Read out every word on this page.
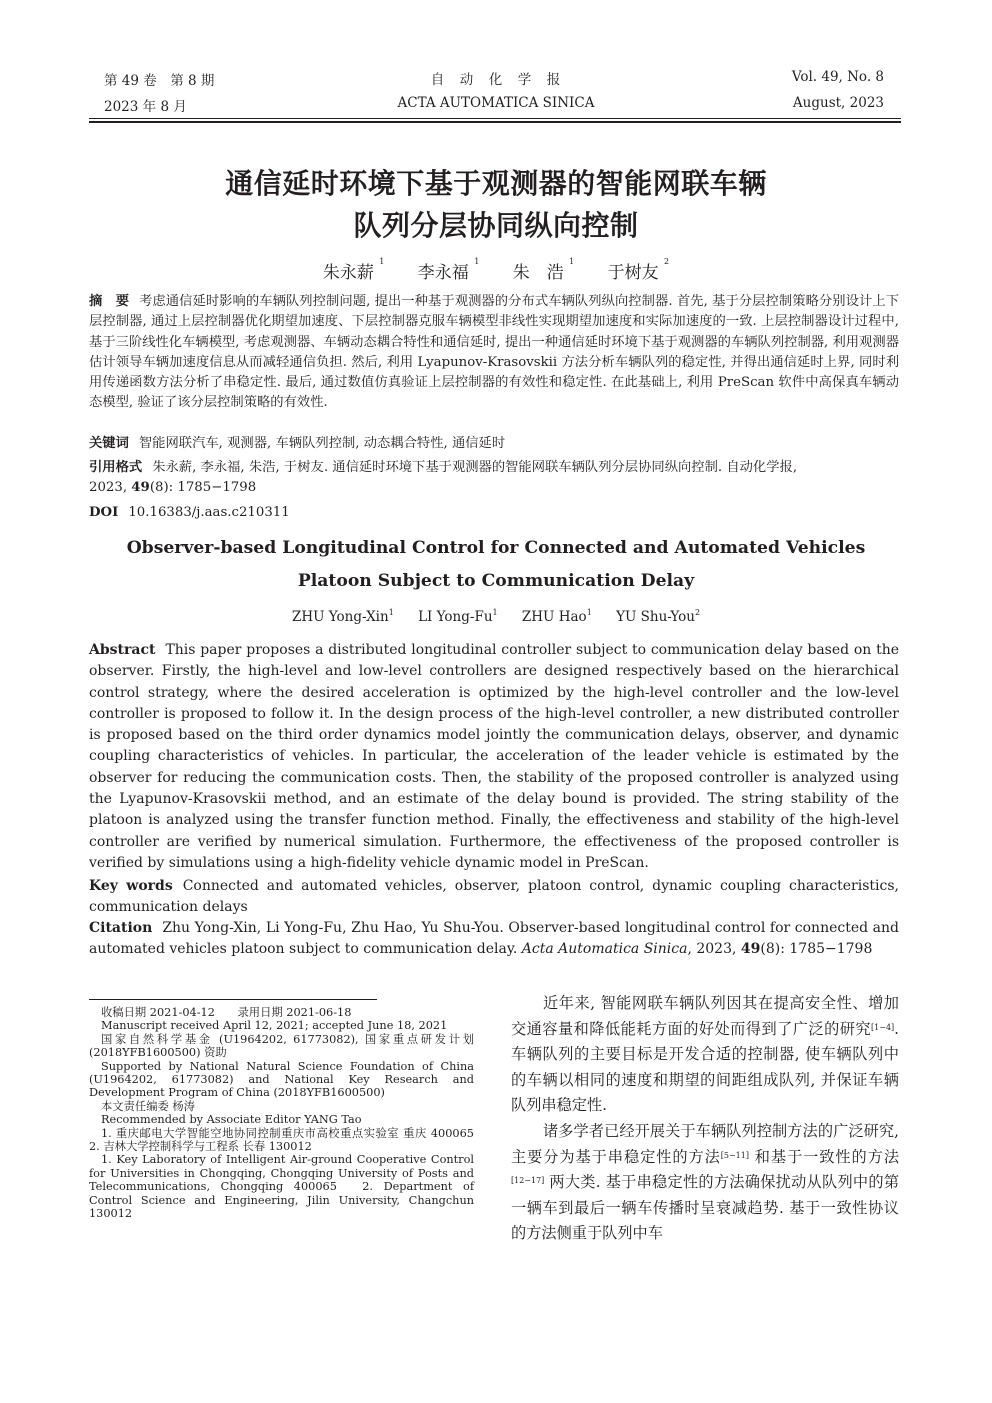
第 49 卷　第 8 期
2023 年 8 月
自　动　化　学　报
ACTA AUTOMATICA SINICA
Vol. 49, No. 8
August, 2023
通信延时环境下基于观测器的智能网联车辆
队列分层协同纵向控制
朱永薪 $^1$ 李永福 $^1$ 朱　浩 $^1$ 于树友 $^2$
摘　要 考虑通信延时影响的车辆队列控制问题, 提出一种基于观测器的分布式车辆队列纵向控制器. 首先, 基于分层控制策略分别设计上下层控制器, 通过上层控制器优化期望加速度、下层控制器克服车辆模型非线性实现期望加速度和实际加速度的一致. 上层控制器设计过程中, 基于三阶线性化车辆模型, 考虑观测器、车辆动态耦合特性和通信延时, 提出一种通信延时环境下基于观测器的车辆队列控制器, 利用观测器估计领导车辆加速度信息从而减轻通信负担. 然后, 利用 Lyapunov-Krasovskii 方法分析车辆队列的稳定性, 并得出通信延时上界, 同时利用传递函数方法分析了串稳定性. 最后, 通过数值仿真验证上层控制器的有效性和稳定性. 在此基础上, 利用 PreScan 软件中高保真车辆动态模型, 验证了该分层控制策略的有效性.
关键词 智能网联汽车, 观测器, 车辆队列控制, 动态耦合特性, 通信延时
引用格式 朱永薪, 李永福, 朱浩, 于树友. 通信延时环境下基于观测器的智能网联车辆队列分层协同纵向控制. 自动化学报,
2023, 49(8): 1785−1798
DOI 10.16383/j.aas.c210311
Observer-based Longitudinal Control for Connected and Automated Vehicles
Platoon Subject to Communication Delay
ZHU Yong-Xin$^1$ LI Yong-Fu$^1$ ZHU Hao$^1$ YU Shu-You$^2$
Abstract This paper proposes a distributed longitudinal controller subject to communication delay based on the observer. Firstly, the high-level and low-level controllers are designed respectively based on the hierarchical control strategy, where the desired acceleration is optimized by the high-level controller and the low-level controller is proposed to follow it. In the design process of the high-level controller, a new distributed controller is proposed based on the third order dynamics model jointly the communication delays, observer, and dynamic coupling characteristics of vehicles. In particular, the acceleration of the leader vehicle is estimated by the observer for reducing the communication costs. Then, the stability of the proposed controller is analyzed using the Lyapunov-Krasovskii method, and an estimate of the delay bound is provided. The string stability of the platoon is analyzed using the transfer function method. Finally, the effectiveness and stability of the high-level controller are verified by numerical simulation. Furthermore, the effectiveness of the proposed controller is verified by simulations using a high-fidelity vehicle dynamic model in PreScan.
Key words Connected and automated vehicles, observer, platoon control, dynamic coupling characteristics, communication delays
Citation Zhu Yong-Xin, Li Yong-Fu, Zhu Hao, Yu Shu-You. Observer-based longitudinal control for connected and automated vehicles platoon subject to communication delay. Acta Automatica Sinica, 2023, 49(8): 1785−1798
收稿日期 2021-04-12　　录用日期 2021-06-18
Manuscript received April 12, 2021; accepted June 18, 2021
国家自然科学基金 (U1964202, 61773082), 国家重点研发计划 (2018YFB1600500) 资助
Supported by National Natural Science Foundation of China (U1964202, 61773082) and National Key Research and Development Program of China (2018YFB1600500)
本文责任编委 杨涛
Recommended by Associate Editor YANG Tao
1. 重庆邮电大学智能空地协同控制重庆市高校重点实验室 重庆 400065　2. 吉林大学控制科学与工程系 长春 130012
1. Key Laboratory of Intelligent Air-ground Cooperative Control for Universities in Chongqing, Chongqing University of Posts and Telecommunications, Chongqing 400065　2. Department of Control Science and Engineering, Jilin University, Changchun 130012

近年来, 智能网联车辆队列因其在提高安全性、增加交通容量和降低能耗方面的好处而得到了广泛的研究[1−4]. 车辆队列的主要目标是开发合适的控制器, 使车辆队列中的车辆以相同的速度和期望的间距组成队列, 并保证车辆队列串稳定性.

诸多学者已经开展关于车辆队列控制方法的广泛研究, 主要分为基于串稳定性的方法[5−11] 和基于一致性的方法[12−17] 两大类. 基于串稳定性的方法确保扰动从队列中的第一辆车到最后一辆车传播时呈衰减趋势. 基于一致性协议的方法侧重于队列中车
